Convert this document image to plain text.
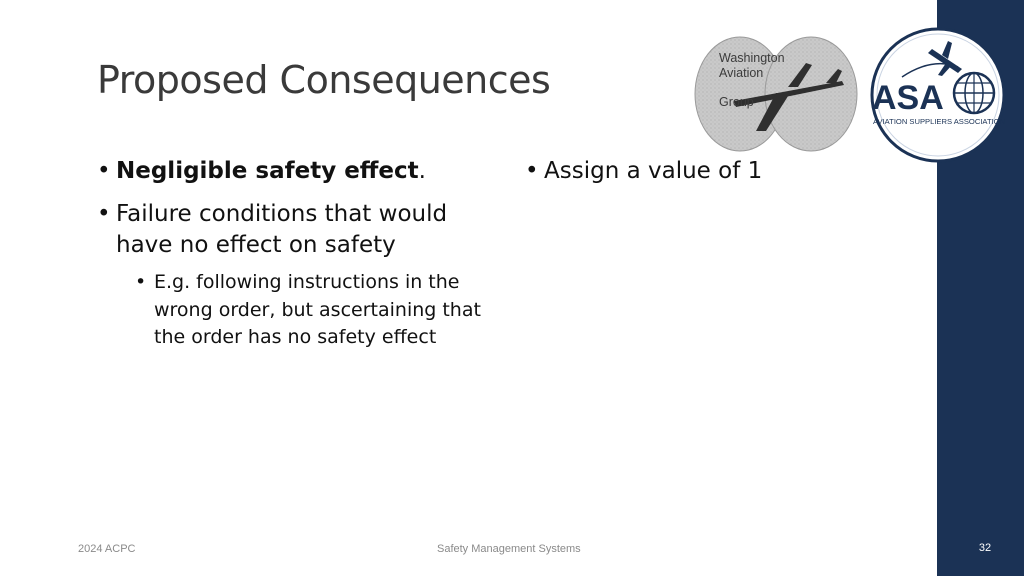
Proposed Consequences	Washington
Aviation
Group	ASA
AVIATION SUPPLIERS ASSOCIATION
• Negligible safety effect.
• Failure conditions that would have no effect on safety
• E.g. following instructions in the wrong order, but ascertaining that the order has no safety effect
• Assign a value of 1
2024 ACPC	Safety Management Systems	32
